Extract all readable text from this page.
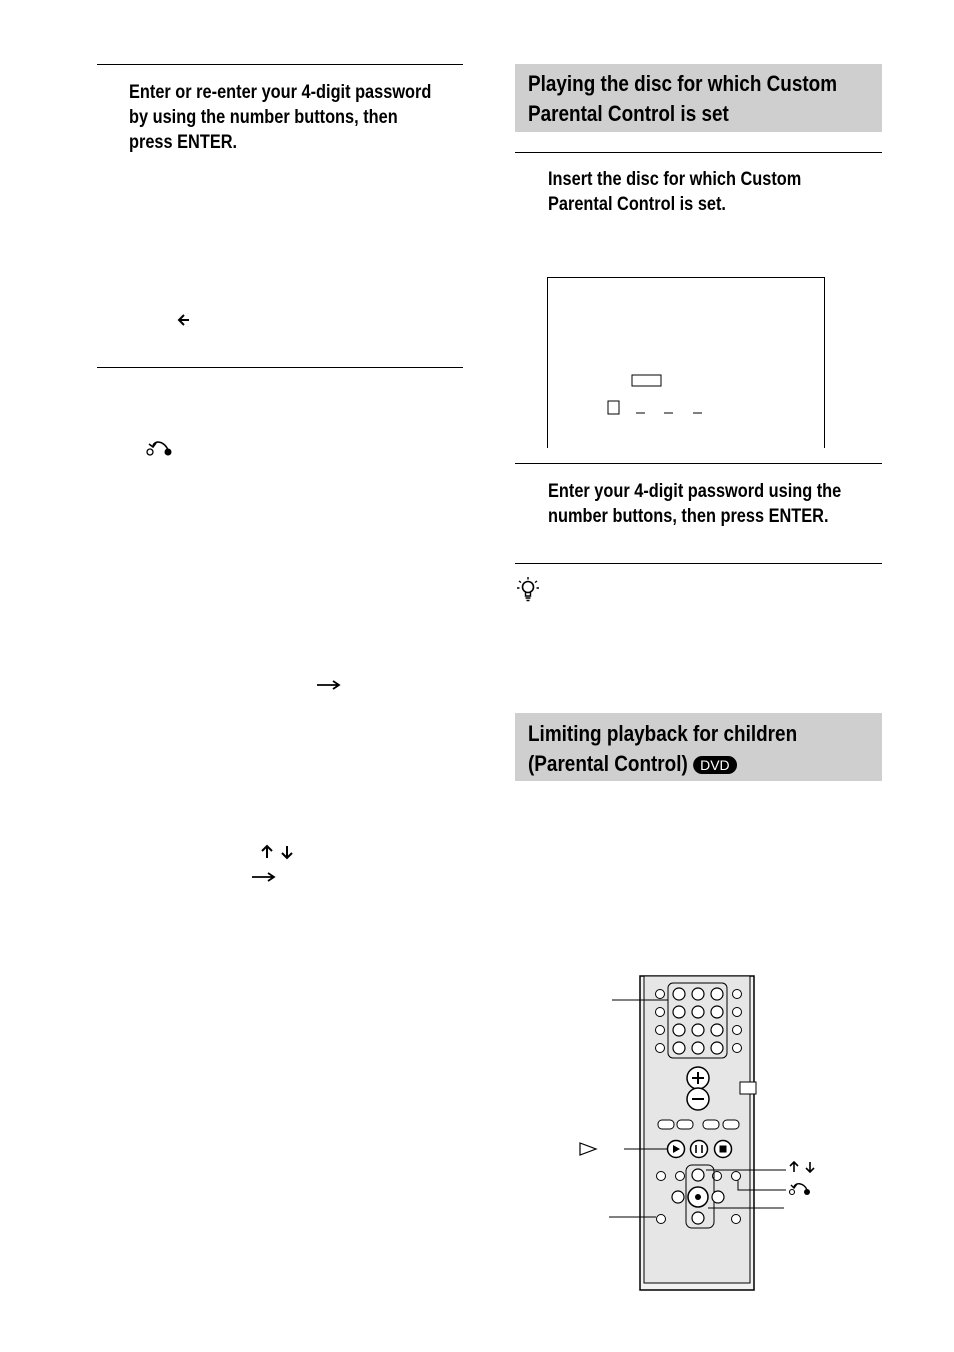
Enter or re-enter your 4-digit password
by using the number buttons, then
press ENTER.
Playing the disc for which Custom
Parental Control is set
Insert the disc for which Custom
Parental Control is set.
Enter your 4-digit password using the
number buttons, then press ENTER.
Limiting playback for children
(Parental Control) DVD
